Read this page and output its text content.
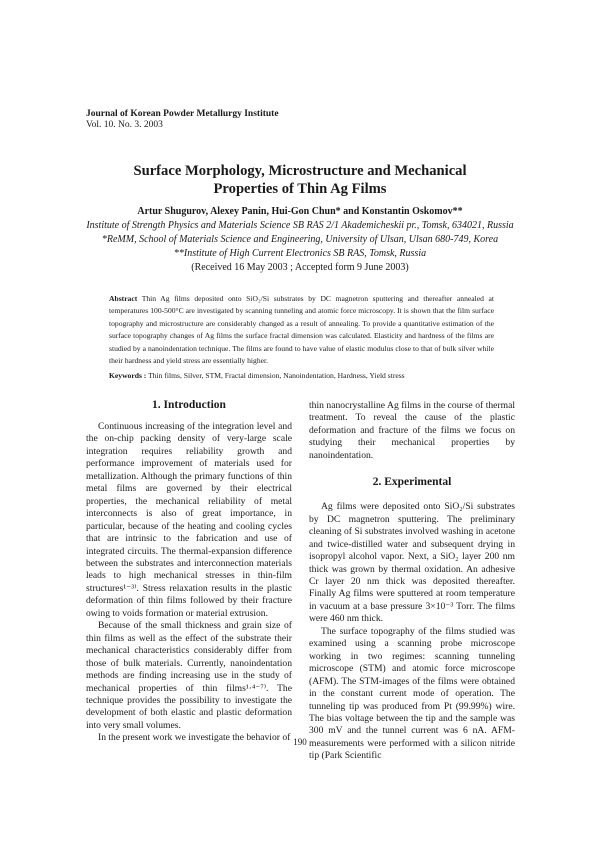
Journal of Korean Powder Metallurgy Institute
Vol. 10. No. 3. 2003
Surface Morphology, Microstructure and Mechanical
Properties of Thin Ag Films
Artur Shugurov, Alexey Panin, Hui-Gon Chun* and Konstantin Oskomov**
Institute of Strength Physics and Materials Science SB RAS 2/1 Akademicheskii pr., Tomsk, 634021, Russia
*ReMM, School of Materials Science and Engineering, University of Ulsan, Ulsan 680-749, Korea
**Institute of High Current Electronics SB RAS, Tomsk, Russia
(Received 16 May 2003 ; Accepted form 9 June 2003)
Abstract Thin Ag films deposited onto SiO₂/Si substrates by DC magnetron sputtering and thereafter annealed at temperatures 100-500°C are investigated by scanning tunneling and atomic force microscopy. It is shown that the film surface topography and microstructure are considerably changed as a result of annealing. To provide a quantitative estimation of the surface topography changes of Ag films the surface fractal dimension was calculated. Elasticity and hardness of the films are studied by a nanoindentation technique. The films are found to have value of elastic modulus close to that of bulk silver while their hardness and yield stress are essentially higher.
Keywords : Thin films, Silver, STM, Fractal dimension, Nanoindentation, Hardness, Yield stress
1. Introduction

Continuous increasing of the integration level and the on-chip packing density of very-large scale integration requires reliability growth and performance improvement of materials used for metallization. Although the primary functions of thin metal films are governed by their electrical properties, the mechanical reliability of metal interconnects is also of great importance, in particular, because of the heating and cooling cycles that are intrinsic to the fabrication and use of integrated circuits. The thermal-expansion difference between the substrates and interconnection materials leads to high mechanical stresses in thin-film structures¹⁻³⁾. Stress relaxation results in the plastic deformation of thin films followed by their fracture owing to voids formation or material extrusion.

Because of the small thickness and grain size of thin films as well as the effect of the substrate their mechanical characteristics considerably differ from those of bulk materials. Currently, nanoindentation methods are finding increasing use in the study of mechanical properties of thin films¹·⁴⁻⁷⁾. The technique provides the possibility to investigate the development of both elastic and plastic deformation into very small volumes.

In the present work we investigate the behavior of

thin nanocrystalline Ag films in the course of thermal treatment. To reveal the cause of the plastic deformation and fracture of the films we focus on studying their mechanical properties by nanoindentation.

2. Experimental

Ag films were deposited onto SiO₂/Si substrates by DC magnetron sputtering. The preliminary cleaning of Si substrates involved washing in acetone and twice-distilled water and subsequent drying in isopropyl alcohol vapor. Next, a SiO₂ layer 200 nm thick was grown by thermal oxidation. An adhesive Cr layer 20 nm thick was deposited thereafter. Finally Ag films were sputtered at room temperature in vacuum at a base pressure 3×10⁻³ Torr. The films were 460 nm thick.

The surface topography of the films studied was examined using a scanning probe microscope working in two regimes: scanning tunneling microscope (STM) and atomic force microscope (AFM). The STM-images of the films were obtained in the constant current mode of operation. The tunneling tip was produced from Pt (99.99%) wire. The bias voltage between the tip and the sample was 300 mV and the tunnel current was 6 nA. AFM-measurements were performed with a silicon nitride tip (Park Scientific

190
